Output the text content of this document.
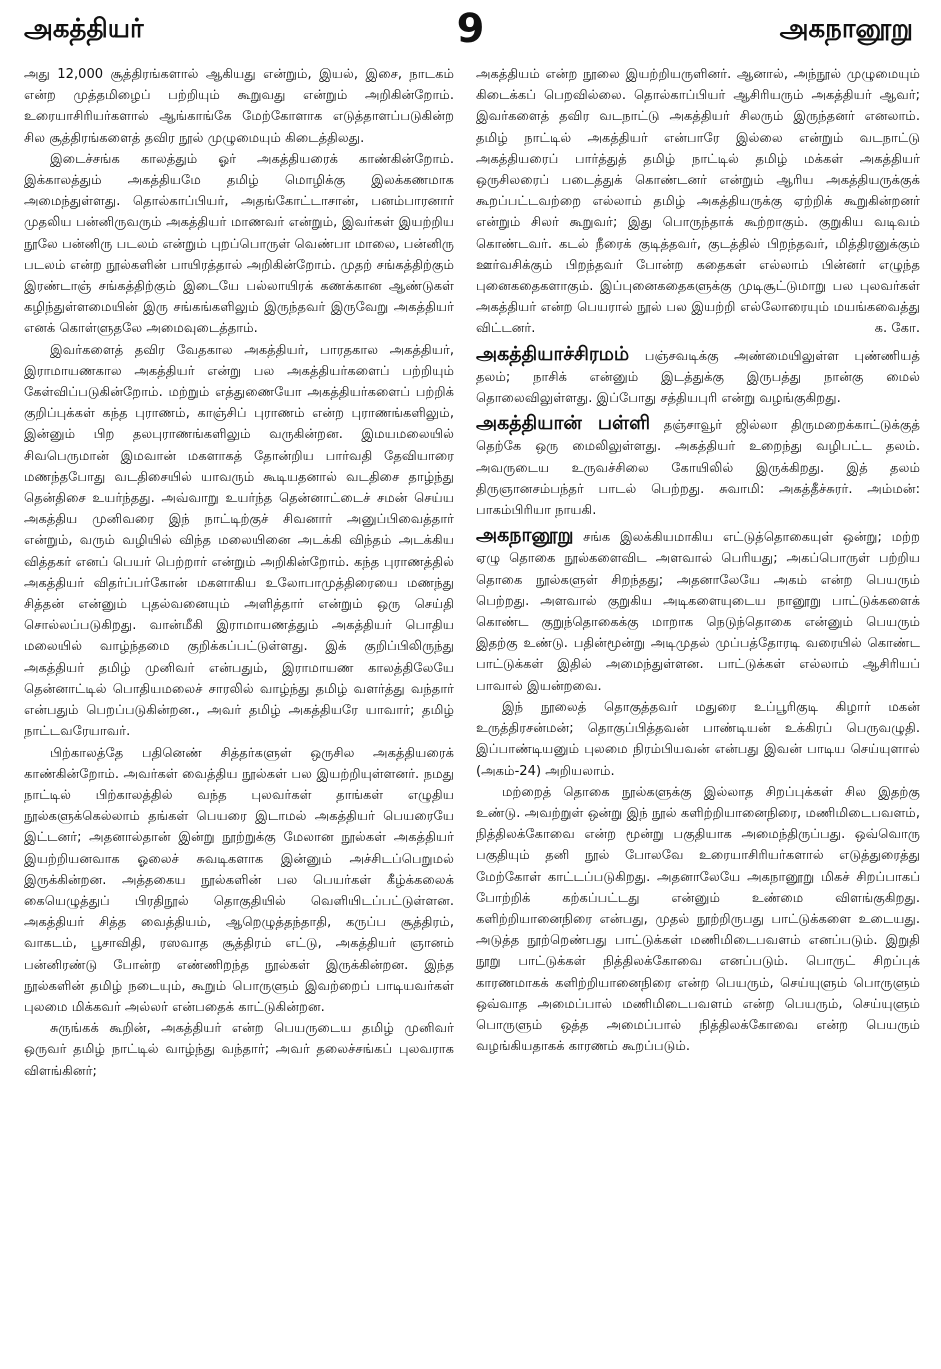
அகத்தியர்	9	அகநானூறு

அது 12,000 சூத்திரங்களால் ஆகியது என்றும், இயல், இசை, நாடகம் என்ற முத்தமிழைப் பற்றியும் கூறுவது என்றும் அறிகின்றோம். உரையாசிரியர்களால் ஆங்காங்கே மேற்கோளாக எடுத்தாளப்படுகின்ற சில சூத்திரங்களைத் தவிர நூல் முழுமையும் கிடைத்திலது.

இடைச்சங்க காலத்தும் ஓர் அகத்தியரைக் காண்கின்றோம். இக்காலத்தும் அகத்தியமே தமிழ் மொழிக்கு இலக்கணமாக அமைந்துள்ளது. தொல்காப்பியர், அதங்கோட்டாசான், பனம்பாரனார் முதலிய பன்னிருவரும் அகத்தியர் மாணவர் என்றும், இவர்கள் இயற்றிய நூலே பன்னிரு படலம் என்றும் புறப்பொருள் வெண்பா மாலை, பன்னிரு படலம் என்ற நூல்களின் பாயிரத்தால் அறிகின்றோம். முதற் சங்கத்திற்கும் இரண்டாஞ் சங்கத்திற்கும் இடையே பல்லாயிரக் கணக்கான ஆண்டுகள் கழிந்துள்ளமையின் இரு சங்கங்களிலும் இருந்தவர் இருவேறு அகத்தியர் எனக் கொள்ளுதலே அமைவுடைத்தாம்.

இவர்களைத் தவிர வேதகால அகத்தியர், பாரதகால அகத்தியர், இராமாயணகால அகத்தியர் என்று பல அகத்தியர்களைப் பற்றியும் கேள்விப்படுகின்றோம். மற்றும் எத்துணையோ அகத்தியர்களைப் பற்றிக் குறிப்புக்கள் கந்த புராணம், காஞ்சிப் புராணம் என்ற புராணங்களிலும், இன்னும் பிற தலபுராணங்களிலும் வருகின்றன. இமயமலையில் சிவபெருமான் இமவான் மகளாகத் தோன்றிய பார்வதி தேவியாரை மணந்தபோது வடதிசையில் யாவரும் கூடியதனால் வடதிசை தாழ்ந்து தென்திசை உயர்ந்தது. அவ்வாறு உயர்ந்த தென்னாட்டைச் சமன் செய்ய அகத்திய முனிவரை இந் நாட்டிற்குச் சிவனார் அனுப்பிவைத்தார் என்றும், வரும் வழியில் விந்த மலையினை அடக்கி விந்தம் அடக்கிய வித்தகர் எனப் பெயர் பெற்றார் என்றும் அறிகின்றோம். கந்த புராணத்தில் அகத்தியர் விதர்ப்பர்கோன் மகளாகிய உலோபாமுத்திரையை மணந்து சித்தன் என்னும் புதல்வனையும் அளித்தார் என்றும் ஒரு செய்தி சொல்லப்படுகிறது. வான்மீகி இராமாயணத்தும் அகத்தியர் பொதிய மலையில் வாழ்ந்தமை குறிக்கப்பட்டுள்ளது. இக் குறிப்பிலிருந்து அகத்தியர் தமிழ் முனிவர் என்பதும், இராமாயண காலத்திலேயே தென்னாட்டில் பொதியமலைச் சாரலில் வாழ்ந்து தமிழ் வளர்த்து வந்தார் என்பதும் பெறப்படுகின்றன., அவர் தமிழ் அகத்தியரே யாவார்; தமிழ் நாட்டவரேயாவர்.

பிற்காலத்தே பதினெண் சித்தர்களுள் ஒருசில அகத்தியரைக் காண்கின்றோம். அவர்கள் வைத்திய நூல்கள் பல இயற்றியுள்ளனர். நமது நாட்டில் பிற்காலத்தில் வந்த புலவர்கள் தாங்கள் எழுதிய நூல்களுக்கெல்லாம் தங்கள் பெயரை இடாமல் அகத்தியர் பெயரையே இட்டனர்; அதனால்தான் இன்று நூற்றுக்கு மேலான நூல்கள் அகத்தியர் இயற்றியனவாக ஓலைச் சுவடிகளாக இன்னும் அச்சிடப்பெறுமல் இருக்கின்றன. அத்தகைய நூல்களின் பல பெயர்கள் கீழ்க்கலைக் கையெழுத்துப் பிரதிநூல் தொகுதியில் வெளியிடப்பட்டுள்ளன. அகத்தியர் சித்த வைத்தியம், ஆறெழுத்தந்தாதி, கருப்ப சூத்திரம், வாகடம், பூசாவிதி, ரஸவாத சூத்திரம் எட்டு, அகத்தியர் ஞானம் பன்னிரண்டு போன்ற எண்ணிறந்த நூல்கள் இருக்கின்றன. இந்த நூல்களின் தமிழ் நடையும், கூறும் பொருளும் இவற்றைப் பாடியவர்கள் புலமை மிக்கவர் அல்லர் என்பதைக் காட்டுகின்றன.

சுருங்கக் கூறின், அகத்தியர் என்ற பெயருடைய தமிழ் முனிவர் ஒருவர் தமிழ் நாட்டில் வாழ்ந்து வந்தார்; அவர் தலைச்சங்கப் புலவராக விளங்கினர்;

அகத்தியம் என்ற நூலை இயற்றியருளினர். ஆனால், அந்நூல் முழுமையும் கிடைக்கப் பெறவில்லை. தொல்காப்பியர் ஆசிரியரும் அகத்தியர் ஆவர்; இவர்களைத் தவிர வடநாட்டு அகத்தியர் சிலரும் இருந்தனர் எனலாம். தமிழ் நாட்டில் அகத்தியர் என்பாரே இல்லை என்றும் வடநாட்டு அகத்தியரைப் பார்த்துத் தமிழ் நாட்டில் தமிழ் மக்கள் அகத்தியர் ஒருசிலரைப் படைத்துக் கொண்டனர் என்றும் ஆரிய அகத்தியருக்குக் கூறப்பட்டவற்றை எல்லாம் தமிழ் அகத்தியருக்கு ஏற்றிக் கூறுகின்றனர் என்றும் சிலர் கூறுவர்; இது பொருந்தாக் கூற்றாகும். குறுகிய வடிவம் கொண்டவர். கடல் நீரைக் குடித்தவர், குடத்தில் பிறந்தவர், மித்திரனுக்கும் ஊர்வசிக்கும் பிறந்தவர் போன்ற கதைகள் எல்லாம் பின்னர் எழுந்த புனைகதைகளாகும். இப்புனைகதைகளுக்கு முடிசூட்டுமாறு பல புலவர்கள் அகத்தியர் என்ற பெயரால் நூல் பல இயற்றி எல்லோரையும் மயங்கவைத்து விட்டனர்.	க. கோ.

அகத்தியாச்சிரமம் பஞ்சவடிக்கு அண்மையிலுள்ள புண்ணியத் தலம்; நாசிக் என்னும் இடத்துக்கு இருபத்து நான்கு மைல் தொலைவிலுள்ளது. இப்போது சத்தியபுரி என்று வழங்குகிறது.

அகத்தியான் பள்ளி தஞ்சாவூர் ஜில்லா திருமறைக்காட்டுக்குத் தெற்கே ஒரு மைலிலுள்ளது. அகத்தியர் உறைந்து வழிபட்ட தலம். அவருடைய உருவச்சிலை கோயிலில் இருக்கிறது. இத் தலம் திருஞானசம்பந்தர் பாடல் பெற்றது. சுவாமி: அகத்தீச்சுரர். அம்மன்: பாகம்பிரியா நாயகி.

அகநானூறு சங்க இலக்கியமாகிய எட்டுத்தொகையுள் ஒன்று; மற்ற ஏழு தொகை நூல்களைவிட அளவால் பெரியது; அகப்பொருள் பற்றிய தொகை நூல்களுள் சிறந்தது; அதனாலேயே அகம் என்ற பெயரும் பெற்றது. அளவால் குறுகிய அடிகளையுடைய நானூறு பாட்டுக்களைக் கொண்ட குறுந்தொகைக்கு மாறாக நெடுந்தொகை என்னும் பெயரும் இதற்கு உண்டு. பதின்மூன்று அடிமுதல் முப்பத்தோரடி வரையில் கொண்ட பாட்டுக்கள் இதில் அமைந்துள்ளன. பாட்டுக்கள் எல்லாம் ஆசிரியப் பாவால் இயன்றவை.

இந் நூலைத் தொகுத்தவர் மதுரை உப்பூரிகுடி கிழார் மகன் உருத்திரசன்மன்; தொகுப்பித்தவன் பாண்டியன் உக்கிரப் பெருவழுதி. இப்பாண்டியனும் புலமை நிரம்பியவன் என்பது இவன் பாடிய செய்யுளால் (அகம்-24) அறியலாம்.

மற்றைத் தொகை நூல்களுக்கு இல்லாத சிறப்புக்கள் சில இதற்கு உண்டு. அவற்றுள் ஒன்று இந் நூல் களிற்றியானைநிரை, மணிமிடைபவளம், நித்திலக்கோவை என்ற மூன்று பகுதியாக அமைந்திருப்பது. ஒவ்வொரு பகுதியும் தனி நூல் போலவே உரையாசிரியர்களால் எடுத்துரைத்து மேற்கோள் காட்டப்படுகிறது. அதனாலேயே அகநானூறு மிகச் சிறப்பாகப் போற்றிக் கற்கப்பட்டது என்னும் உண்மை விளங்குகிறது. களிற்றியானைநிரை என்பது, முதல் நூற்றிருபது பாட்டுக்களை உடையது. அடுத்த நூற்றெண்பது பாட்டுக்கள் மணிமிடைபவளம் எனப்படும். இறுதி நூறு பாட்டுக்கள் நித்திலக்கோவை எனப்படும். பொருட் சிறப்புக் காரணமாகக் களிற்றியானைநிரை என்ற பெயரும், செய்யுளும் பொருளும் ஒவ்வாத அமைப்பால் மணிமிடைபவளம் என்ற பெயரும், செய்யுளும் பொருளும் ஒத்த அமைப்பால் நித்திலக்கோவை என்ற பெயரும் வழங்கியதாகக் காரணம் கூறப்படும்.
